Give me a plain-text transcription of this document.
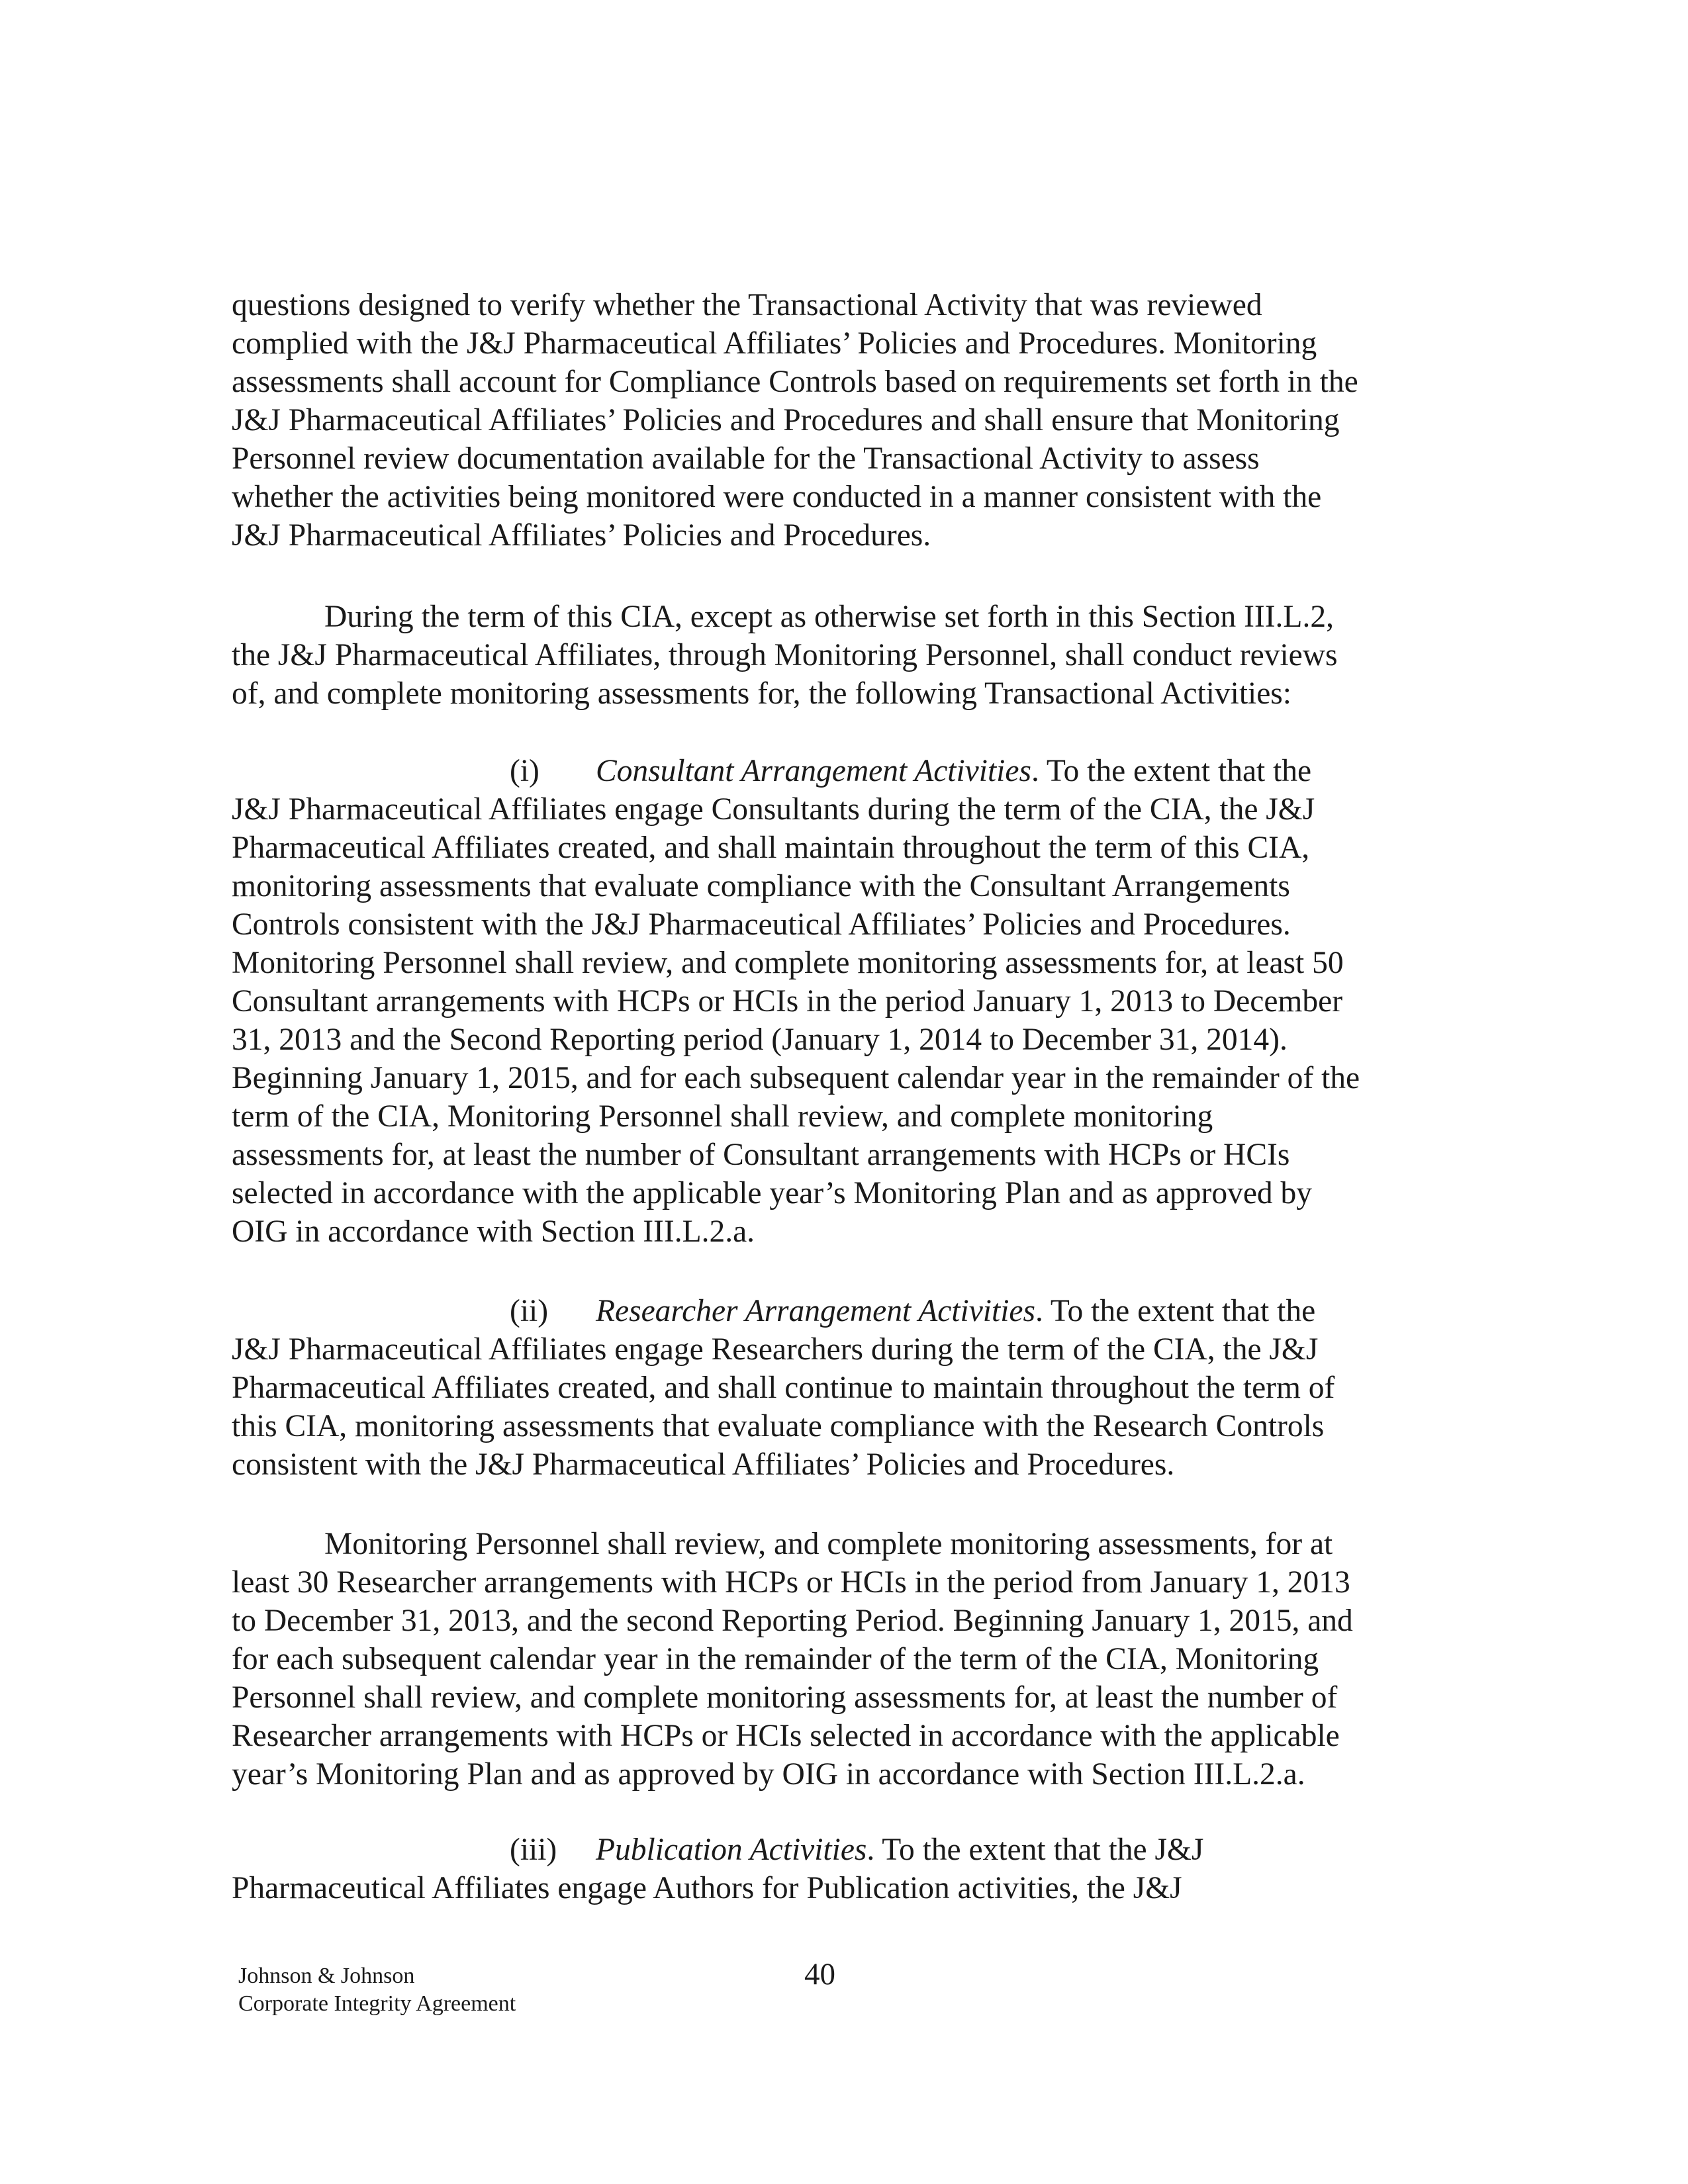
questions designed to verify whether the Transactional Activity that was reviewed
complied with the J&J Pharmaceutical Affiliates’ Policies and Procedures. Monitoring
assessments shall account for Compliance Controls based on requirements set forth in the
J&J Pharmaceutical Affiliates’ Policies and Procedures and shall ensure that Monitoring
Personnel review documentation available for the Transactional Activity to assess
whether the activities being monitored were conducted in a manner consistent with the
J&J Pharmaceutical Affiliates’ Policies and Procedures.

During the term of this CIA, except as otherwise set forth in this Section III.L.2,
the J&J Pharmaceutical Affiliates, through Monitoring Personnel, shall conduct reviews
of, and complete monitoring assessments for, the following Transactional Activities:

(i) Consultant Arrangement Activities. To the extent that the
J&J Pharmaceutical Affiliates engage Consultants during the term of the CIA, the J&J
Pharmaceutical Affiliates created, and shall maintain throughout the term of this CIA,
monitoring assessments that evaluate compliance with the Consultant Arrangements
Controls consistent with the J&J Pharmaceutical Affiliates’ Policies and Procedures.
Monitoring Personnel shall review, and complete monitoring assessments for, at least 50
Consultant arrangements with HCPs or HCIs in the period January 1, 2013 to December
31, 2013 and the Second Reporting period (January 1, 2014 to December 31, 2014).
Beginning January 1, 2015, and for each subsequent calendar year in the remainder of the
term of the CIA, Monitoring Personnel shall review, and complete monitoring
assessments for, at least the number of Consultant arrangements with HCPs or HCIs
selected in accordance with the applicable year’s Monitoring Plan and as approved by
OIG in accordance with Section III.L.2.a.

(ii) Researcher Arrangement Activities. To the extent that the
J&J Pharmaceutical Affiliates engage Researchers during the term of the CIA, the J&J
Pharmaceutical Affiliates created, and shall continue to maintain throughout the term of
this CIA, monitoring assessments that evaluate compliance with the Research Controls
consistent with the J&J Pharmaceutical Affiliates’ Policies and Procedures.

Monitoring Personnel shall review, and complete monitoring assessments, for at
least 30 Researcher arrangements with HCPs or HCIs in the period from January 1, 2013
to December 31, 2013, and the second Reporting Period. Beginning January 1, 2015, and
for each subsequent calendar year in the remainder of the term of the CIA, Monitoring
Personnel shall review, and complete monitoring assessments for, at least the number of
Researcher arrangements with HCPs or HCIs selected in accordance with the applicable
year’s Monitoring Plan and as approved by OIG in accordance with Section III.L.2.a.

(iii) Publication Activities. To the extent that the J&J
Pharmaceutical Affiliates engage Authors for Publication activities, the J&J

Johnson & Johnson
Corporate Integrity Agreement
40
